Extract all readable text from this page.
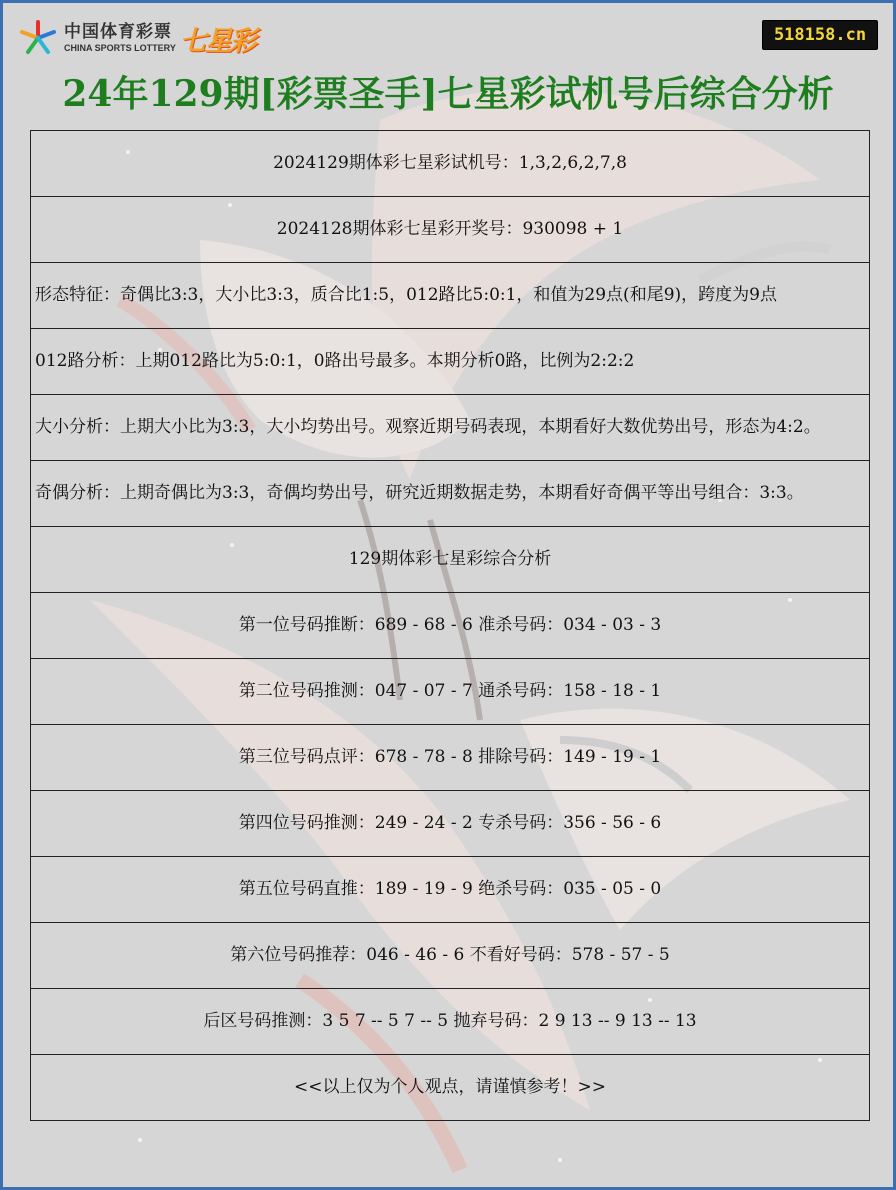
中国体育彩票
CHINA SPORTS LOTTERY 七星彩	518158.cn
24年129期[彩票圣手]七星彩试机号后综合分析
2024129期体彩七星彩试机号：1,3,2,6,2,7,8
2024128期体彩七星彩开奖号：930098 + 1
形态特征：奇偶比3:3，大小比3:3，质合比1:5，012路比5:0:1，和值为29点(和尾9)，跨度为9点
012路分析：上期012路比为5:0:1，0路出号最多。本期分析0路，比例为2:2:2
大小分析：上期大小比为3:3，大小均势出号。观察近期号码表现，本期看好大数优势出号，形态为4:2。
奇偶分析：上期奇偶比为3:3，奇偶均势出号，研究近期数据走势，本期看好奇偶平等出号组合：3:3。
129期体彩七星彩综合分析
第一位号码推断：689 - 68 - 6 准杀号码：034 - 03 - 3
第二位号码推测：047 - 07 - 7 通杀号码：158 - 18 - 1
第三位号码点评：678 - 78 - 8 排除号码：149 - 19 - 1
第四位号码推测：249 - 24 - 2 专杀号码：356 - 56 - 6
第五位号码直推：189 - 19 - 9 绝杀号码：035 - 05 - 0
第六位号码推荐：046 - 46 - 6 不看好号码：578 - 57 - 5
后区号码推测：3 5 7 -- 5 7 -- 5 抛弃号码：2 9 13 -- 9 13 -- 13
<<以上仅为个人观点，请谨慎参考！>>
